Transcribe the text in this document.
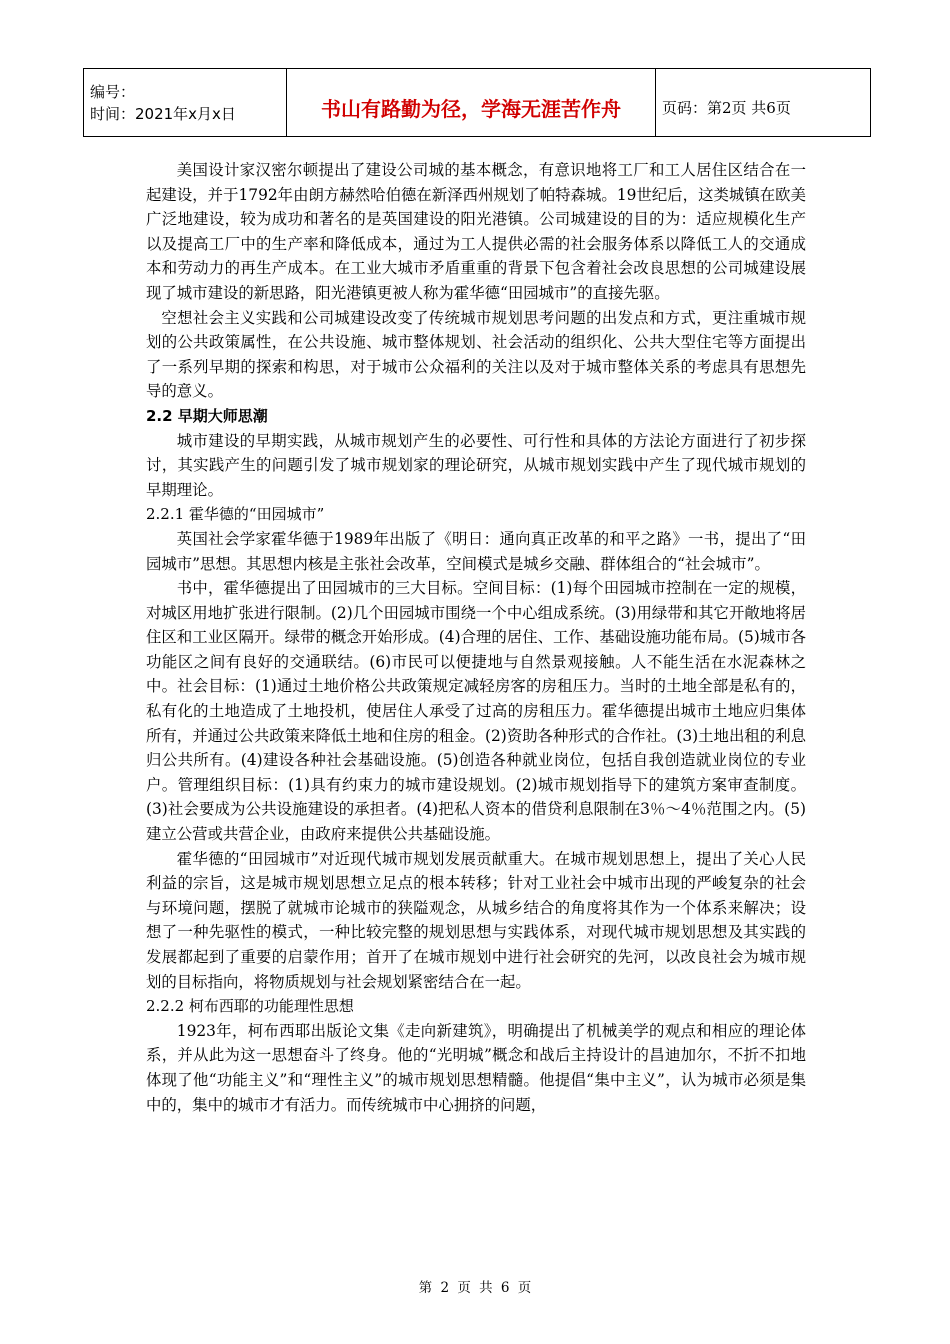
编号：
时间：2021年x月x日	书山有路勤为径，学海无涯苦作舟	页码：第2页 共6页

美国设计家汉密尔顿提出了建设公司城的基本概念，有意识地将工厂和工人居住区结合在一起建设，并于1792年由朗方赫然哈伯德在新泽西州规划了帕特森城。19世纪后，这类城镇在欧美广泛地建设，较为成功和著名的是英国建设的阳光港镇。公司城建设的目的为：适应规模化生产以及提高工厂中的生产率和降低成本，通过为工人提供必需的社会服务体系以降低工人的交通成本和劳动力的再生产成本。在工业大城市矛盾重重的背景下包含着社会改良思想的公司城建设展现了城市建设的新思路，阳光港镇更被人称为霍华德“田园城市”的直接先驱。

空想社会主义实践和公司城建设改变了传统城市规划思考问题的出发点和方式，更注重城市规划的公共政策属性，在公共设施、城市整体规划、社会活动的组织化、公共大型住宅等方面提出了一系列早期的探索和构思，对于城市公众福利的关注以及对于城市整体关系的考虑具有思想先导的意义。

2.2 早期大师思潮

城市建设的早期实践，从城市规划产生的必要性、可行性和具体的方法论方面进行了初步探讨，其实践产生的问题引发了城市规划家的理论研究，从城市规划实践中产生了现代城市规划的早期理论。

2.2.1 霍华德的“田园城市”

英国社会学家霍华德于1989年出版了《明日：通向真正改革的和平之路》一书，提出了“田园城市”思想。其思想内核是主张社会改革，空间模式是城乡交融、群体组合的“社会城市”。

书中，霍华德提出了田园城市的三大目标。空间目标：(1)每个田园城市控制在一定的规模，对城区用地扩张进行限制。(2)几个田园城市围绕一个中心组成系统。(3)用绿带和其它开敞地将居住区和工业区隔开。绿带的概念开始形成。(4)合理的居住、工作、基础设施功能布局。(5)城市各功能区之间有良好的交通联结。(6)市民可以便捷地与自然景观接触。人不能生活在水泥森林之中。社会目标：(1)通过土地价格公共政策规定减轻房客的房租压力。当时的土地全部是私有的，私有化的土地造成了土地投机，使居住人承受了过高的房租压力。霍华德提出城市土地应归集体所有，并通过公共政策来降低土地和住房的租金。(2)资助各种形式的合作社。(3)土地出租的利息归公共所有。(4)建设各种社会基础设施。(5)创造各种就业岗位，包括自我创造就业岗位的专业户。管理组织目标：(1)具有约束力的城市建设规划。(2)城市规划指导下的建筑方案审查制度。(3)社会要成为公共设施建设的承担者。(4)把私人资本的借贷利息限制在3％～4％范围之内。(5)建立公营或共营企业，由政府来提供公共基础设施。

霍华德的“田园城市”对近现代城市规划发展贡献重大。在城市规划思想上，提出了关心人民利益的宗旨，这是城市规划思想立足点的根本转移；针对工业社会中城市出现的严峻复杂的社会与环境问题，摆脱了就城市论城市的狭隘观念，从城乡结合的角度将其作为一个体系来解决；设想了一种先驱性的模式，一种比较完整的规划思想与实践体系，对现代城市规划思想及其实践的发展都起到了重要的启蒙作用；首开了在城市规划中进行社会研究的先河，以改良社会为城市规划的目标指向，将物质规划与社会规划紧密结合在一起。

2.2.2 柯布西耶的功能理性思想

1923年，柯布西耶出版论文集《走向新建筑》，明确提出了机械美学的观点和相应的理论体系，并从此为这一思想奋斗了终身。他的“光明城”概念和战后主持设计的昌迪加尔，不折不扣地体现了他“功能主义”和“理性主义”的城市规划思想精髓。他提倡“集中主义”，认为城市必须是集中的，集中的城市才有活力。而传统城市中心拥挤的问题，

第 2 页 共 6 页
